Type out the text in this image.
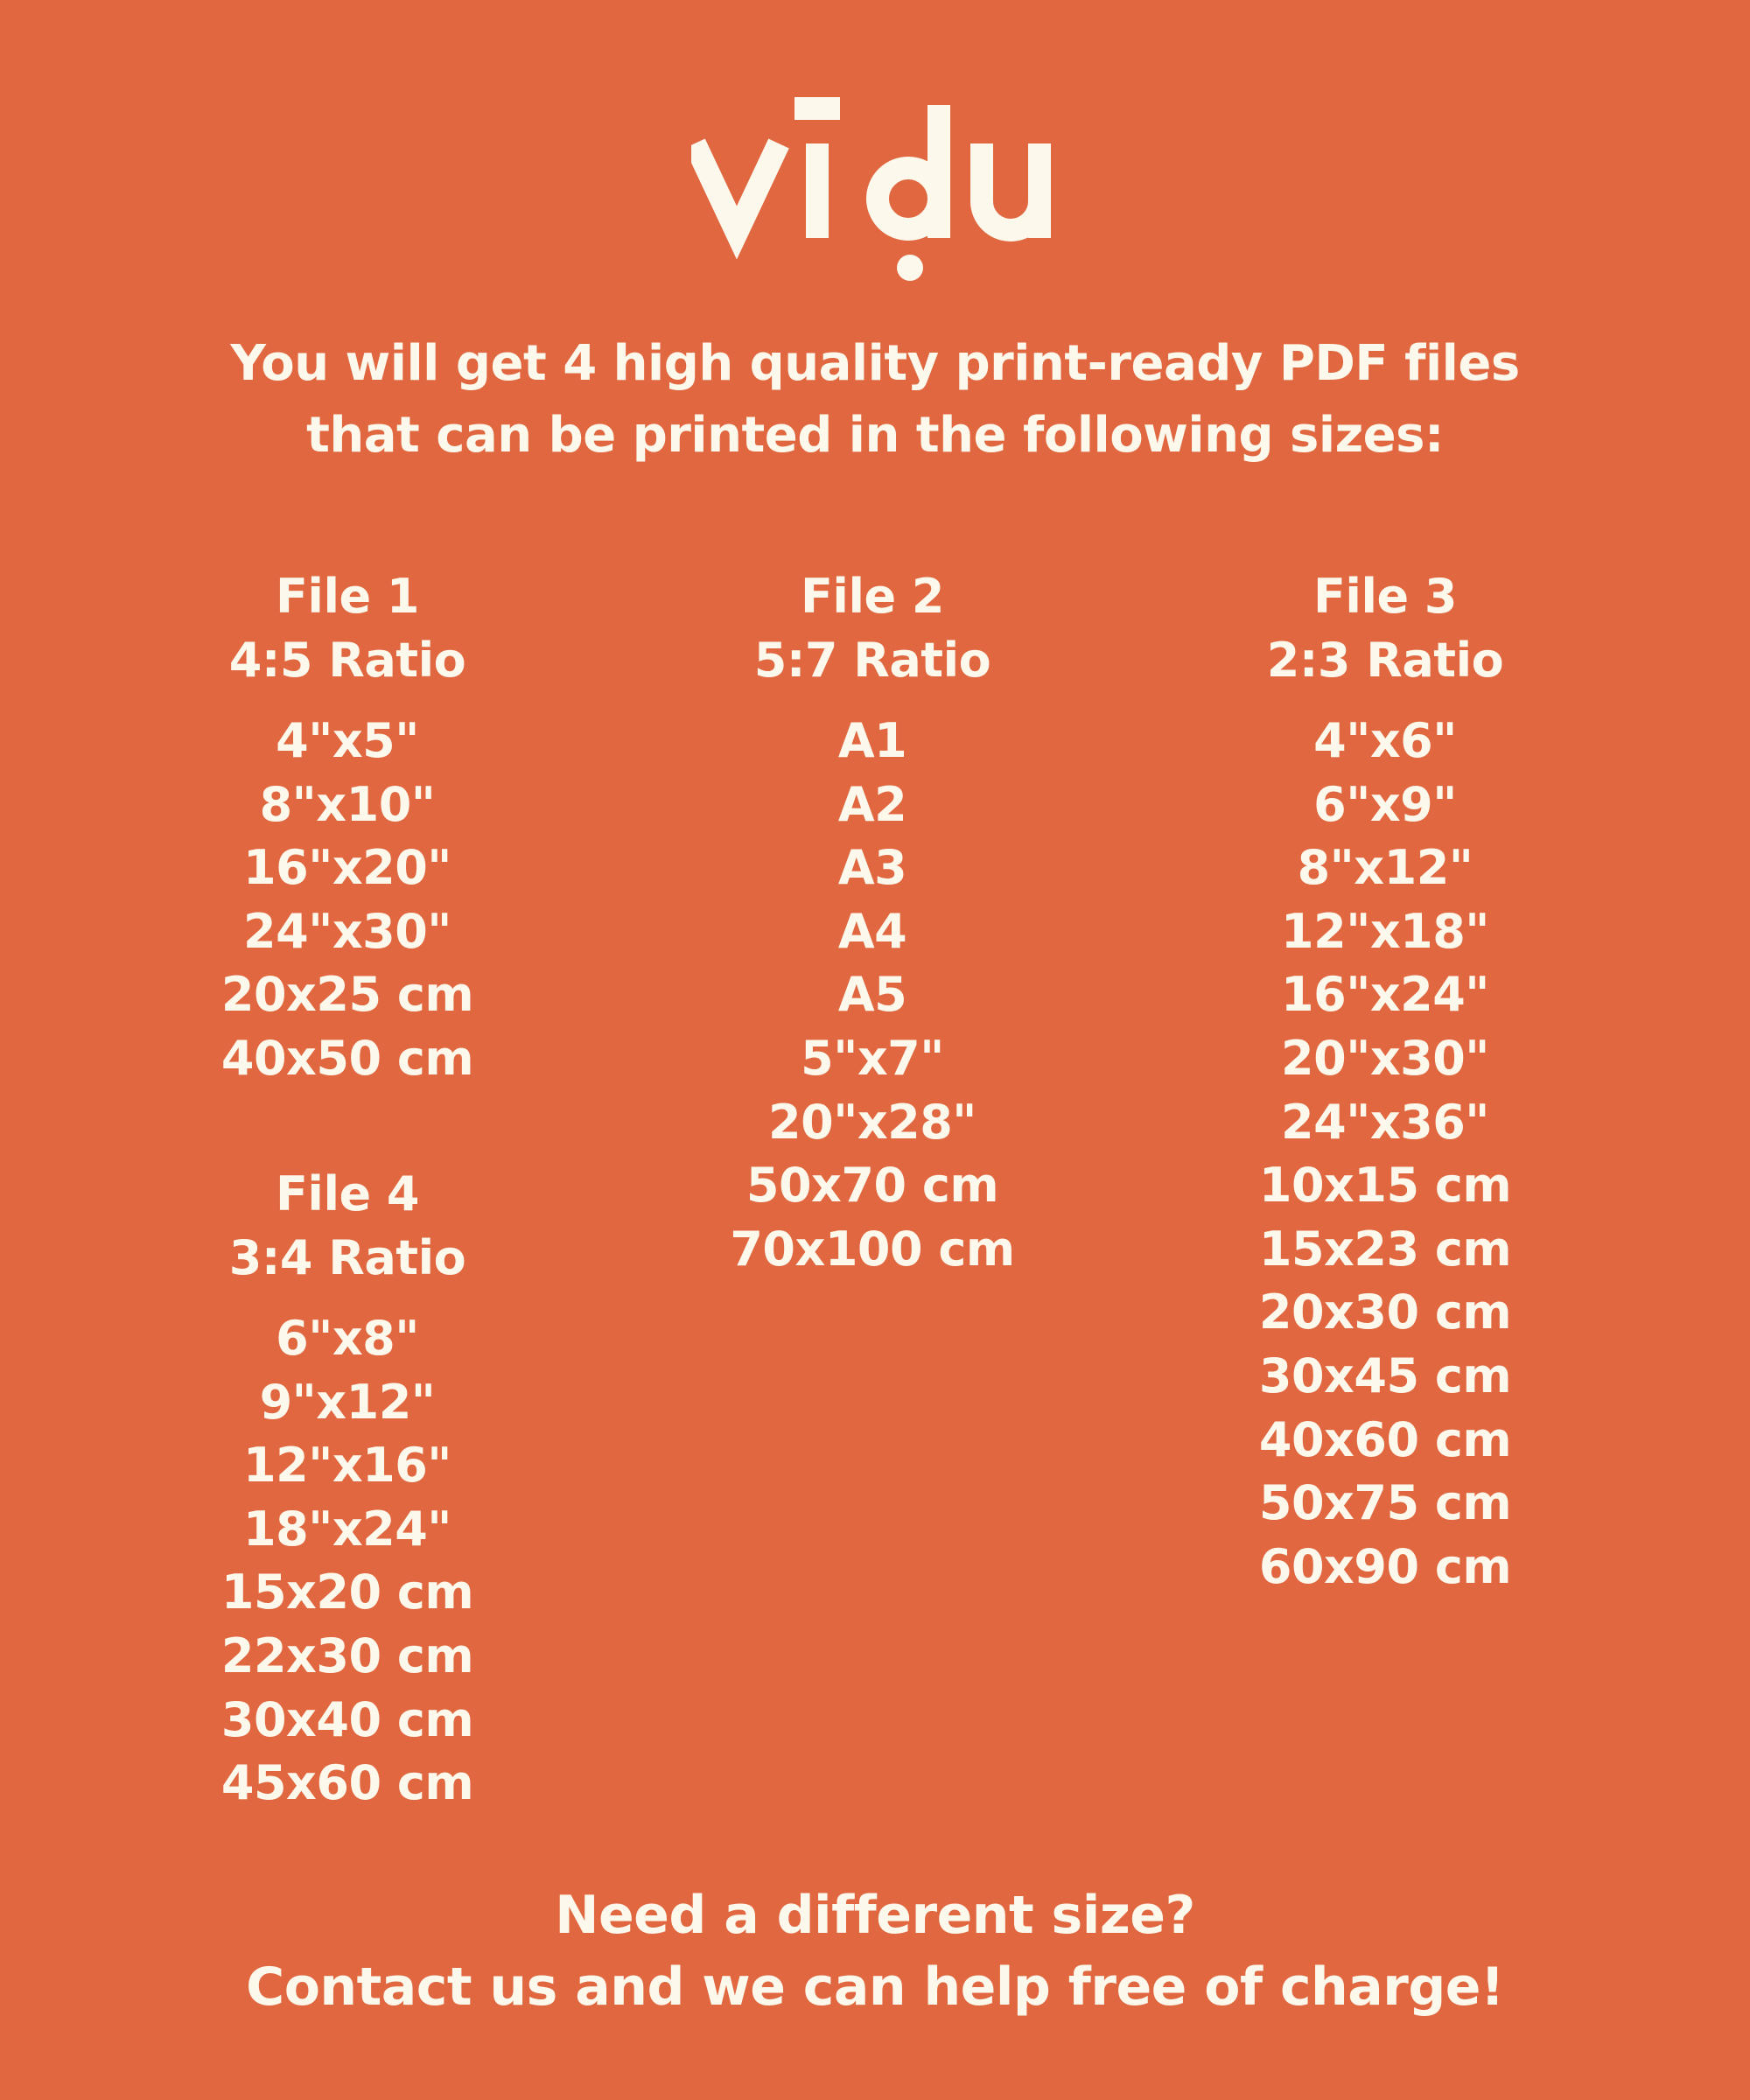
You will get 4 high quality print-ready PDF files
that can be printed in the following sizes:
File 1
4:5 Ratio
4"x5"
8"x10"
16"x20"
24"x30"
20x25 cm
40x50 cm
File 2
5:7 Ratio
A1
A2
A3
A4
A5
5"x7"
20"x28"
50x70 cm
70x100 cm
File 3
2:3 Ratio
4"x6"
6"x9"
8"x12"
12"x18"
16"x24"
20"x30"
24"x36"
10x15 cm
15x23 cm
20x30 cm
30x45 cm
40x60 cm
50x75 cm
60x90 cm
File 4
3:4 Ratio
6"x8"
9"x12"
12"x16"
18"x24"
15x20 cm
22x30 cm
30x40 cm
45x60 cm
Need a different size?
Contact us and we can help free of charge!
